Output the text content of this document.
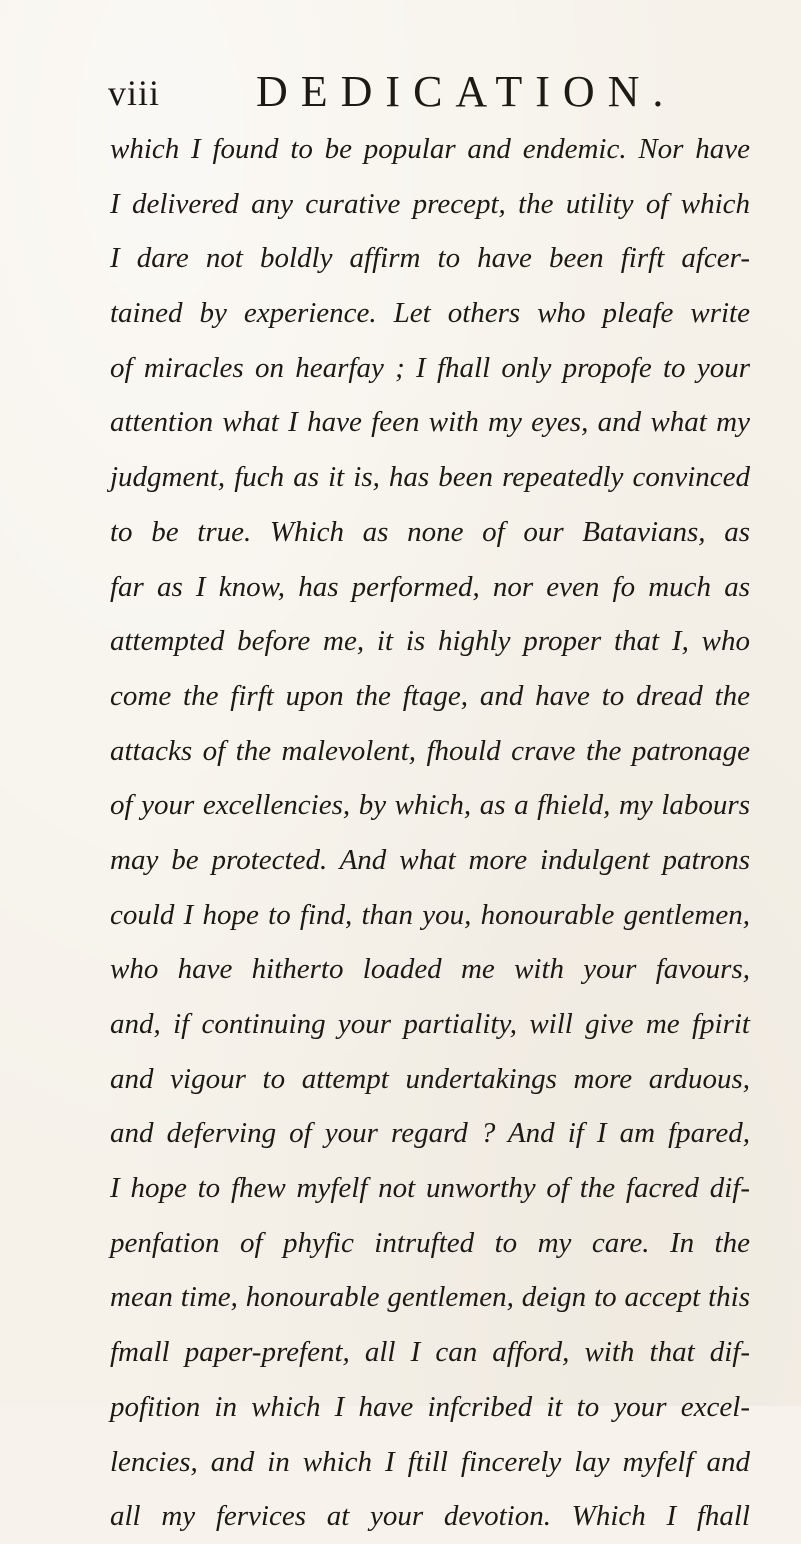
viii DEDICATION.
which I found to be popular and endemic. Nor have
I delivered any curative precept, the utility of which
I dare not boldly affirm to have been firft afcer-
tained by experience. Let others who pleafe write
of miracles on hearfay ; I fhall only propofe to your
attention what I have feen with my eyes, and what my
judgment, fuch as it is, has been repeatedly convinced
to be true. Which as none of our Batavians, as
far as I know, has performed, nor even fo much as
attempted before me, it is highly proper that I, who
come the firft upon the ftage, and have to dread the
attacks of the malevolent, fhould crave the patronage
of your excellencies, by which, as a fhield, my labours
may be protected. And what more indulgent patrons
could I hope to find, than you, honourable gentlemen,
who have hitherto loaded me with your favours,
and, if continuing your partiality, will give me fpirit
and vigour to attempt undertakings more arduous,
and deferving of your regard ? And if I am fpared,
I hope to fhew myfelf not unworthy of the facred dif-
penfation of phyfic intrufted to my care. In the
mean time, honourable gentlemen, deign to accept this
fmall paper-prefent, all I can afford, with that dif-
pofition in which I have infcribed it to your excel-
lencies, and in which I ftill fincerely lay myfelf and
all my fervices at your devotion. Which I fhall
